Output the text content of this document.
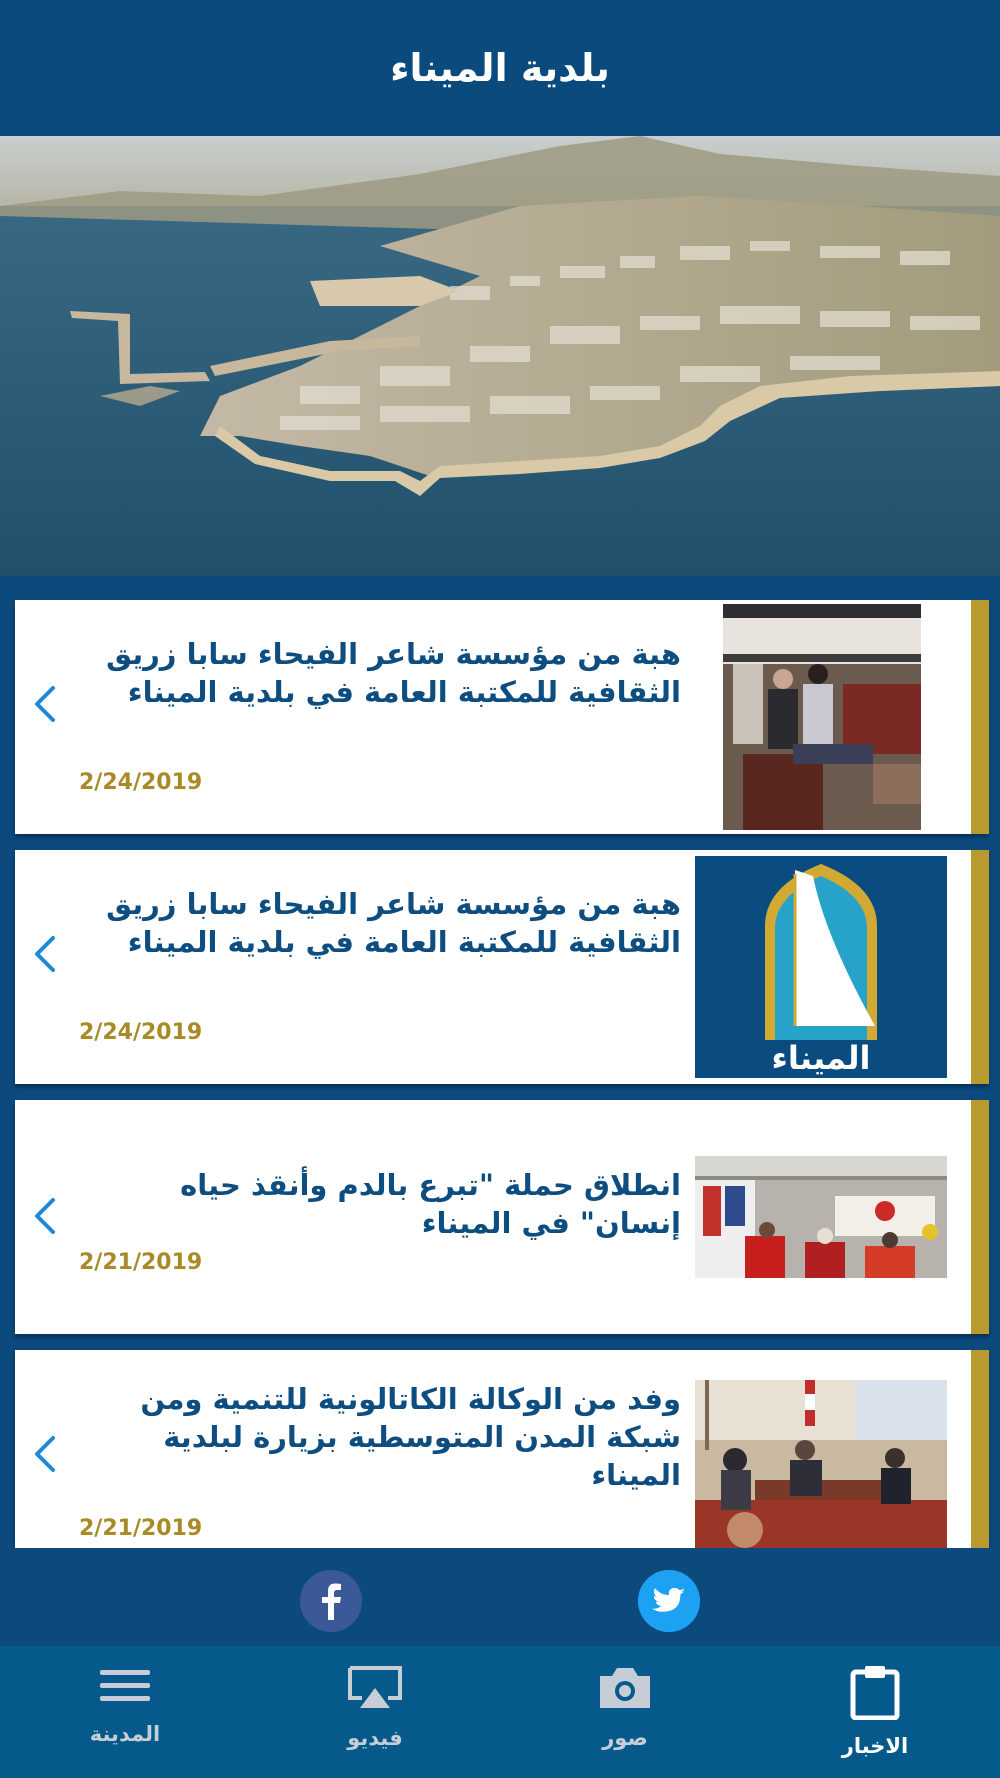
بلدية الميناء
هبة من مؤسسة شاعر الفيحاء سابا زريق الثقافية للمكتبة العامة في بلدية الميناء
2/24/2019
هبة من مؤسسة شاعر الفيحاء سابا زريق الثقافية للمكتبة العامة في بلدية الميناء
2/24/2019
الميناء
انطلاق حملة "تبرع بالدم وأنقذ حياه إنسان" في الميناء
2/21/2019
وفد من الوكالة الكاتالونية للتنمية ومن شبكة المدن المتوسطية بزيارة لبلدية الميناء
2/21/2019
المدينة	فيديو	صور	الاخبار
